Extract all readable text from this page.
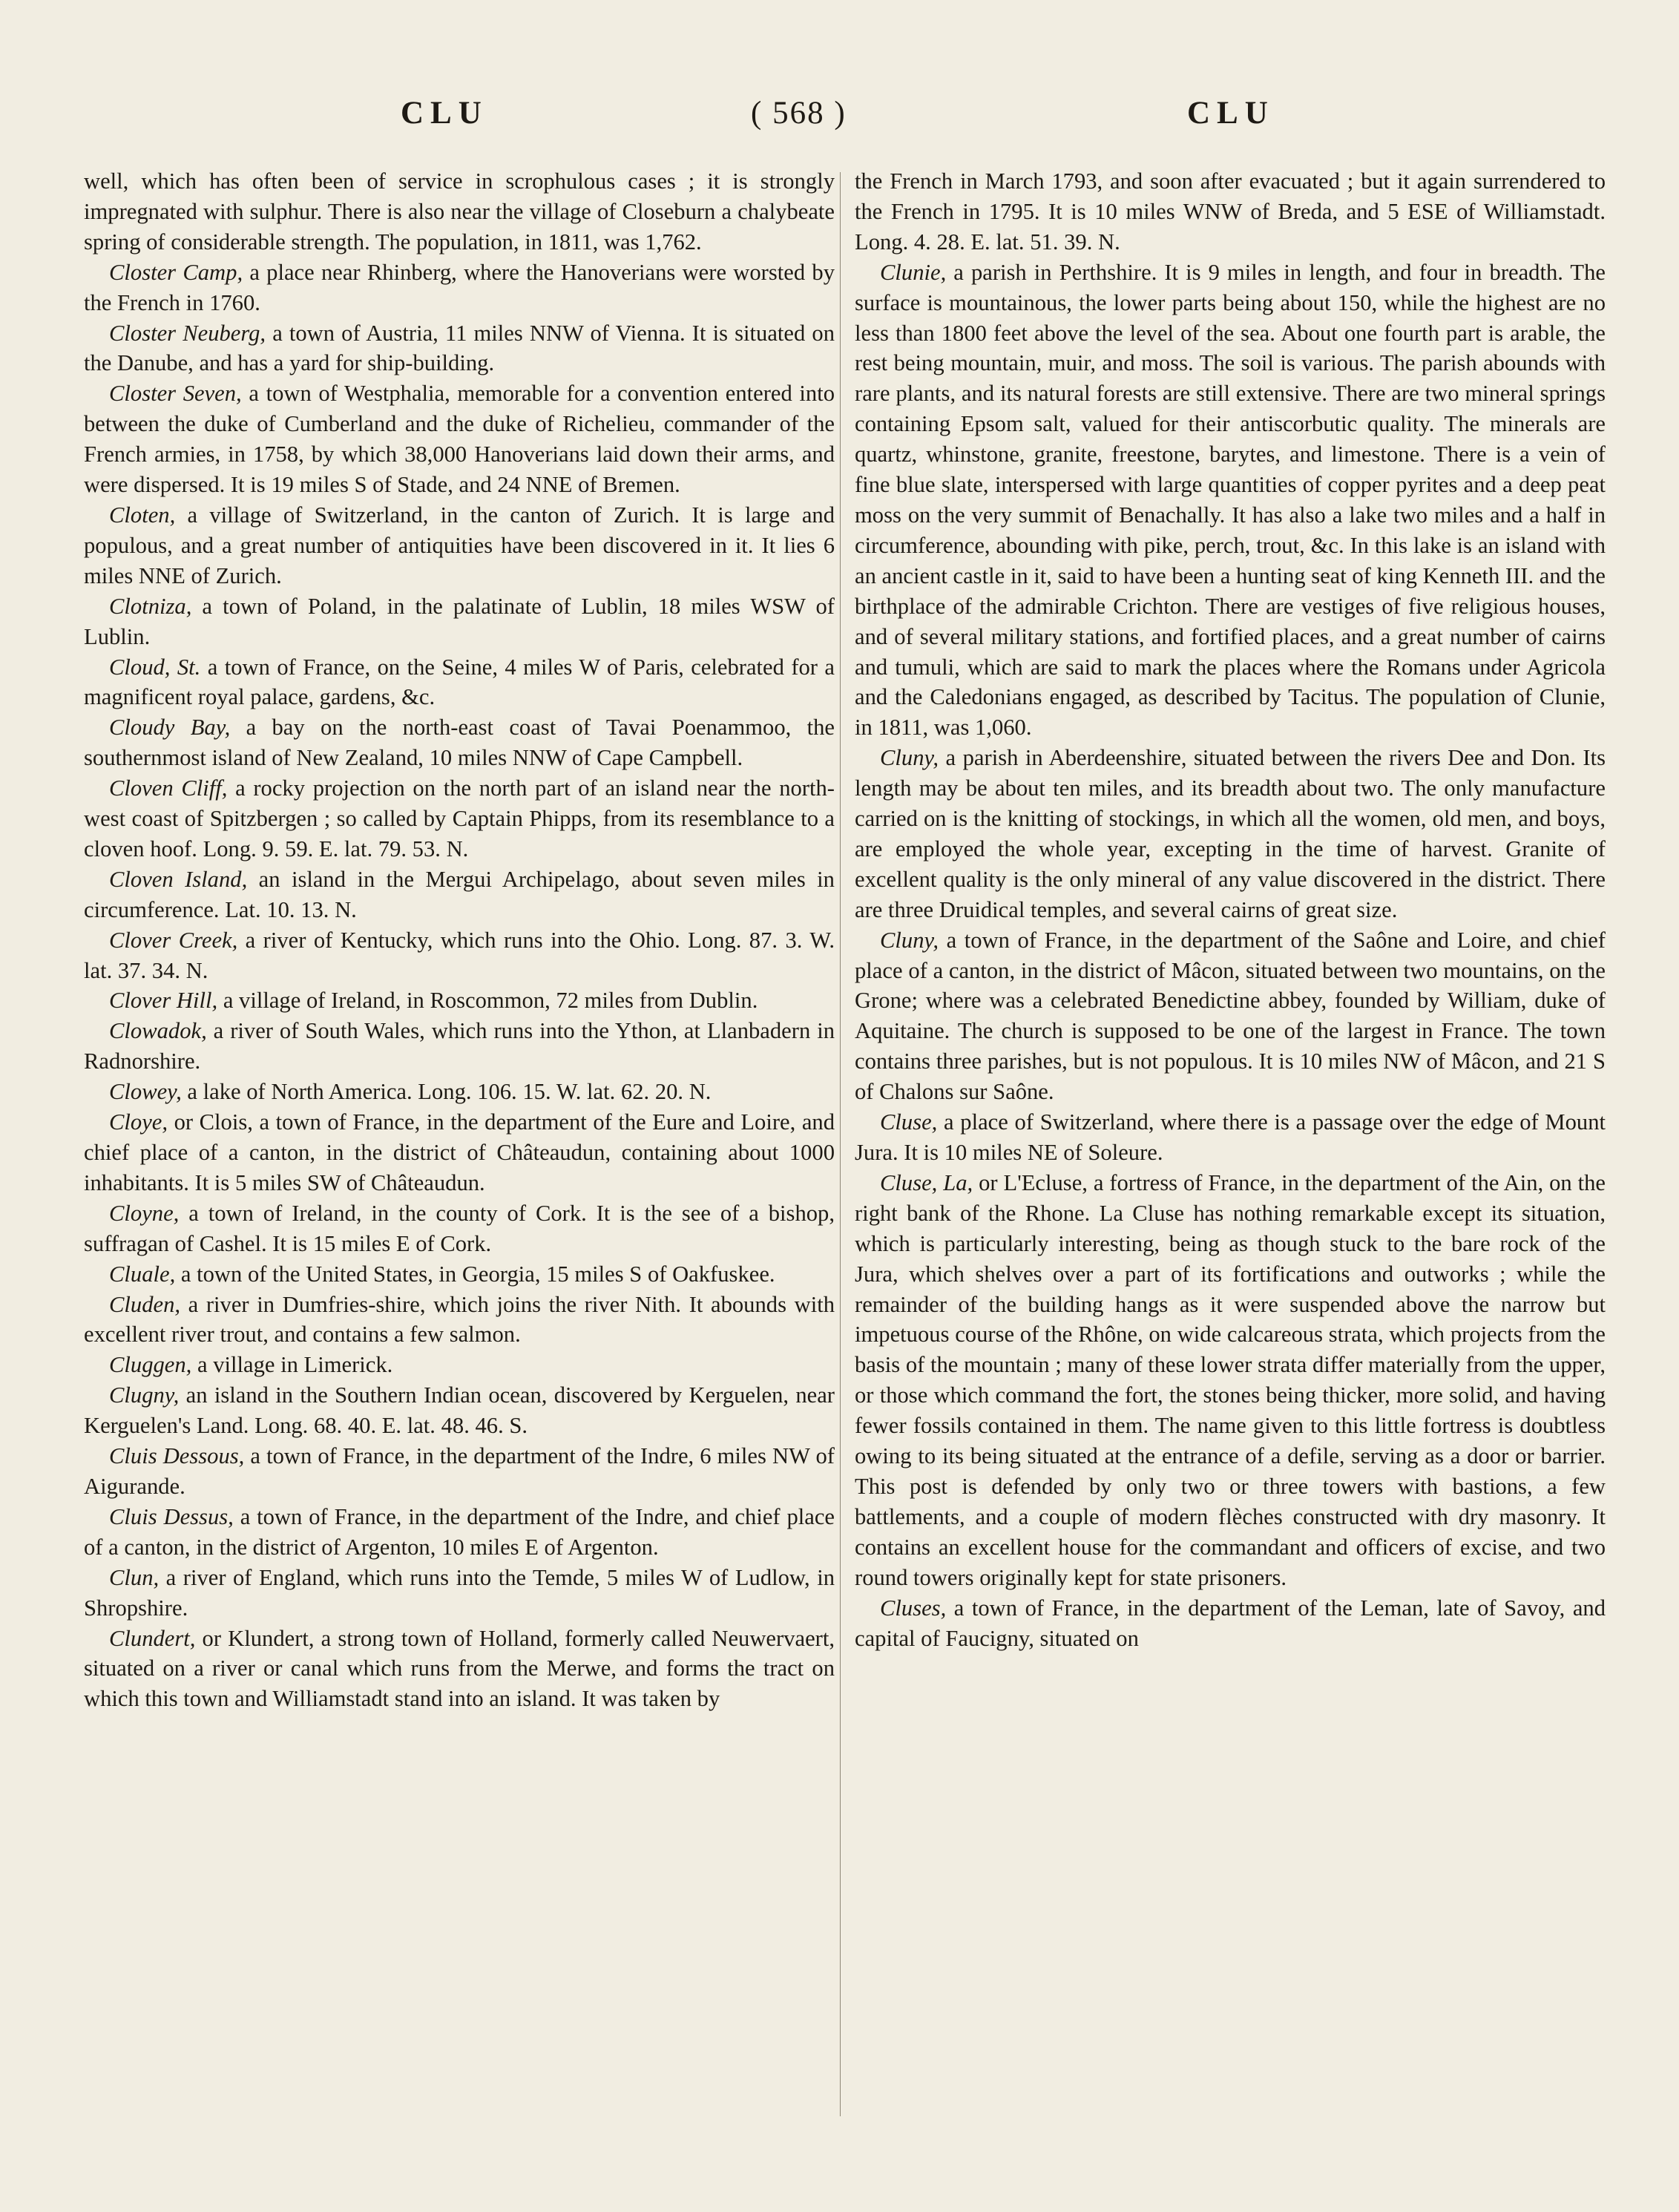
CLU	( 568 )	CLU

well, which has often been of service in scrophulous cases ; it is strongly impregnated with sulphur. There is also near the village of Closeburn a chalybeate spring of considerable strength. The population, in 1811, was 1,762.

Closter Camp, a place near Rhinberg, where the Hanoverians were worsted by the French in 1760.

Closter Neuberg, a town of Austria, 11 miles NNW of Vienna. It is situated on the Danube, and has a yard for ship-building.

Closter Seven, a town of Westphalia, memorable for a convention entered into between the duke of Cumberland and the duke of Richelieu, commander of the French armies, in 1758, by which 38,000 Hanoverians laid down their arms, and were dispersed. It is 19 miles S of Stade, and 24 NNE of Bremen.

Cloten, a village of Switzerland, in the canton of Zurich. It is large and populous, and a great number of antiquities have been discovered in it. It lies 6 miles NNE of Zurich.

Clotniza, a town of Poland, in the palatinate of Lublin, 18 miles WSW of Lublin.

Cloud, St. a town of France, on the Seine, 4 miles W of Paris, celebrated for a magnificent royal palace, gardens, &c.

Cloudy Bay, a bay on the north-east coast of Tavai Poenammoo, the southernmost island of New Zealand, 10 miles NNW of Cape Campbell.

Cloven Cliff, a rocky projection on the north part of an island near the north-west coast of Spitzbergen ; so called by Captain Phipps, from its resemblance to a cloven hoof. Long. 9. 59. E. lat. 79. 53. N.

Cloven Island, an island in the Mergui Archipelago, about seven miles in circumference. Lat. 10. 13. N.

Clover Creek, a river of Kentucky, which runs into the Ohio. Long. 87. 3. W. lat. 37. 34. N.

Clover Hill, a village of Ireland, in Roscommon, 72 miles from Dublin.

Clowadok, a river of South Wales, which runs into the Ython, at Llanbadern in Radnorshire.

Clowey, a lake of North America. Long. 106. 15. W. lat. 62. 20. N.

Cloye, or Clois, a town of France, in the department of the Eure and Loire, and chief place of a canton, in the district of Châteaudun, containing about 1000 inhabitants. It is 5 miles SW of Châteaudun.

Cloyne, a town of Ireland, in the county of Cork. It is the see of a bishop, suffragan of Cashel. It is 15 miles E of Cork.

Cluale, a town of the United States, in Georgia, 15 miles S of Oakfuskee.

Cluden, a river in Dumfries-shire, which joins the river Nith. It abounds with excellent river trout, and contains a few salmon.

Cluggen, a village in Limerick.

Clugny, an island in the Southern Indian ocean, discovered by Kerguelen, near Kerguelen's Land. Long. 68. 40. E. lat. 48. 46. S.

Cluis Dessous, a town of France, in the department of the Indre, 6 miles NW of Aigurande.

Cluis Dessus, a town of France, in the department of the Indre, and chief place of a canton, in the district of Argenton, 10 miles E of Argenton.

Clun, a river of England, which runs into the Temde, 5 miles W of Ludlow, in Shropshire.

Clundert, or Klundert, a strong town of Holland, formerly called Neuwervaert, situated on a river or canal which runs from the Merwe, and forms the tract on which this town and Williamstadt stand into an island. It was taken by

the French in March 1793, and soon after evacuated ; but it again surrendered to the French in 1795. It is 10 miles WNW of Breda, and 5 ESE of Williamstadt. Long. 4. 28. E. lat. 51. 39. N.

Clunie, a parish in Perthshire. It is 9 miles in length, and four in breadth. The surface is mountainous, the lower parts being about 150, while the highest are no less than 1800 feet above the level of the sea. About one fourth part is arable, the rest being mountain, muir, and moss. The soil is various. The parish abounds with rare plants, and its natural forests are still extensive. There are two mineral springs containing Epsom salt, valued for their antiscorbutic quality. The minerals are quartz, whinstone, granite, freestone, barytes, and limestone. There is a vein of fine blue slate, interspersed with large quantities of copper pyrites and a deep peat moss on the very summit of Benachally. It has also a lake two miles and a half in circumference, abounding with pike, perch, trout, &c. In this lake is an island with an ancient castle in it, said to have been a hunting seat of king Kenneth III. and the birthplace of the admirable Crichton. There are vestiges of five religious houses, and of several military stations, and fortified places, and a great number of cairns and tumuli, which are said to mark the places where the Romans under Agricola and the Caledonians engaged, as described by Tacitus. The population of Clunie, in 1811, was 1,060.

Cluny, a parish in Aberdeenshire, situated between the rivers Dee and Don. Its length may be about ten miles, and its breadth about two. The only manufacture carried on is the knitting of stockings, in which all the women, old men, and boys, are employed the whole year, excepting in the time of harvest. Granite of excellent quality is the only mineral of any value discovered in the district. There are three Druidical temples, and several cairns of great size.

Cluny, a town of France, in the department of the Saône and Loire, and chief place of a canton, in the district of Mâcon, situated between two mountains, on the Grone; where was a celebrated Benedictine abbey, founded by William, duke of Aquitaine. The church is supposed to be one of the largest in France. The town contains three parishes, but is not populous. It is 10 miles NW of Mâcon, and 21 S of Chalons sur Saône.

Cluse, a place of Switzerland, where there is a passage over the edge of Mount Jura. It is 10 miles NE of Soleure.

Cluse, La, or L'Ecluse, a fortress of France, in the department of the Ain, on the right bank of the Rhone. La Cluse has nothing remarkable except its situation, which is particularly interesting, being as though stuck to the bare rock of the Jura, which shelves over a part of its fortifications and outworks ; while the remainder of the building hangs as it were suspended above the narrow but impetuous course of the Rhône, on wide calcareous strata, which projects from the basis of the mountain ; many of these lower strata differ materially from the upper, or those which command the fort, the stones being thicker, more solid, and having fewer fossils contained in them. The name given to this little fortress is doubtless owing to its being situated at the entrance of a defile, serving as a door or barrier. This post is defended by only two or three towers with bastions, a few battlements, and a couple of modern flèches constructed with dry masonry. It contains an excellent house for the commandant and officers of excise, and two round towers originally kept for state prisoners.

Cluses, a town of France, in the department of the Leman, late of Savoy, and capital of Faucigny, situated on
